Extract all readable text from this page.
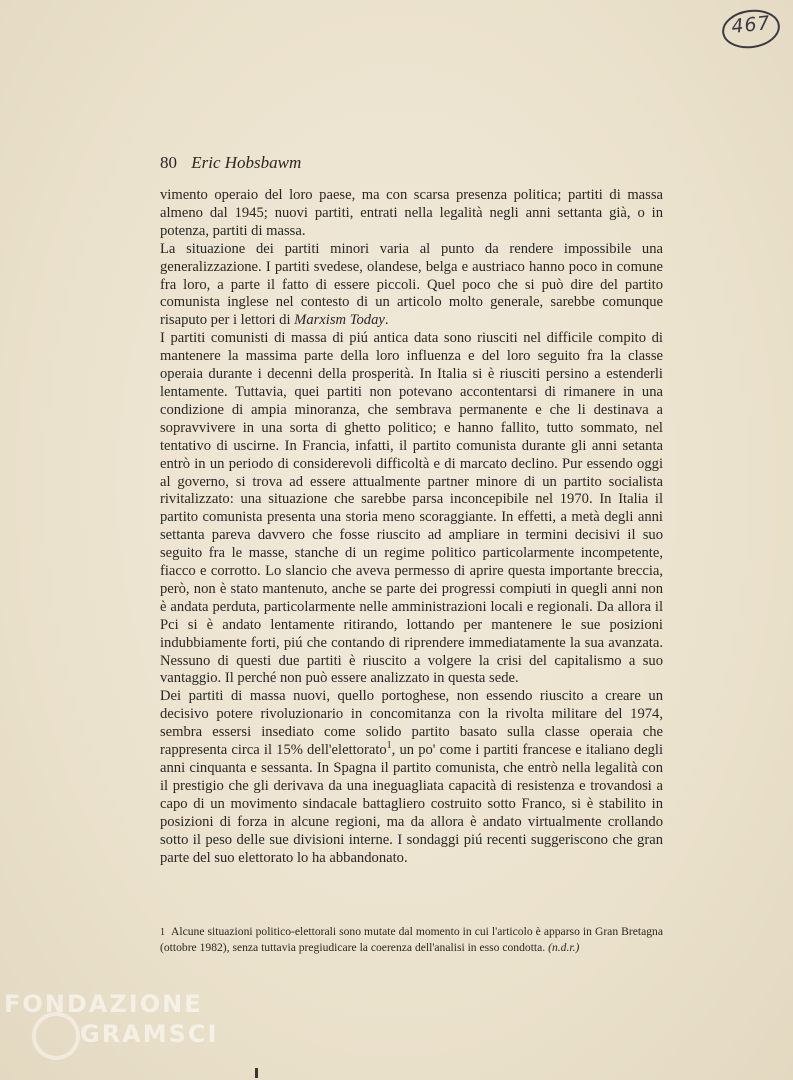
467
80 Eric Hobsbawm

vimento operaio del loro paese, ma con scarsa presenza politica; partiti di massa almeno dal 1945; nuovi partiti, entrati nella legalità negli anni settanta già, o in potenza, partiti di massa.

La situazione dei partiti minori varia al punto da rendere impossibile una generalizzazione. I partiti svedese, olandese, belga e austriaco hanno poco in comune fra loro, a parte il fatto di essere piccoli. Quel poco che si può dire del partito comunista inglese nel contesto di un articolo molto generale, sarebbe comunque risaputo per i lettori di Marxism Today.

I partiti comunisti di massa di piú antica data sono riusciti nel difficile compito di mantenere la massima parte della loro influenza e del loro seguito fra la classe operaia durante i decenni della prosperità. In Italia si è riusciti persino a estenderli lentamente. Tuttavia, quei partiti non potevano accontentarsi di rimanere in una condizione di ampia minoranza, che sembrava permanente e che li destinava a sopravvivere in una sorta di ghetto politico; e hanno fallito, tutto sommato, nel tentativo di uscirne. In Francia, infatti, il partito comunista durante gli anni setanta entrò in un periodo di considerevoli difficoltà e di marcato declino. Pur essendo oggi al governo, si trova ad essere attualmente partner minore di un partito socialista rivitalizzato: una situazione che sarebbe parsa inconcepibile nel 1970. In Italia il partito comunista presenta una storia meno scoraggiante. In effetti, a metà degli anni settanta pareva davvero che fosse riuscito ad ampliare in termini decisivi il suo seguito fra le masse, stanche di un regime politico particolarmente incompetente, fiacco e corrotto. Lo slancio che aveva permesso di aprire questa importante breccia, però, non è stato mantenuto, anche se parte dei progressi compiuti in quegli anni non è andata perduta, particolarmente nelle amministrazioni locali e regionali. Da allora il Pci si è andato lentamente ritirando, lottando per mantenere le sue posizioni indubbiamente forti, piú che contando di riprendere immediatamente la sua avanzata. Nessuno di questi due partiti è riuscito a volgere la crisi del capitalismo a suo vantaggio. Il perché non può essere analizzato in questa sede.

Dei partiti di massa nuovi, quello portoghese, non essendo riuscito a creare un decisivo potere rivoluzionario in concomitanza con la rivolta militare del 1974, sembra essersi insediato come solido partito basato sulla classe operaia che rappresenta circa il 15% dell'elettorato$^1$, un po' come i partiti francese e italiano degli anni cinquanta e sessanta. In Spagna il partito comunista, che entrò nella legalità con il prestigio che gli derivava da una ineguagliata capacità di resistenza e trovandosi a capo di un movimento sindacale battagliero costruito sotto Franco, si è stabilito in posizioni di forza in alcune regioni, ma da allora è andato virtualmente crollando sotto il peso delle sue divisioni interne. I sondaggi piú recenti suggeriscono che gran parte del suo elettorato lo ha abbandonato.

1 Alcune situazioni politico-elettorali sono mutate dal momento in cui l'articolo è apparso in Gran Bretagna (ottobre 1982), senza tuttavia pregiudicare la coerenza dell'analisi in esso condotta. (n.d.r.)
FONDAZIONE
GRAMSCI
